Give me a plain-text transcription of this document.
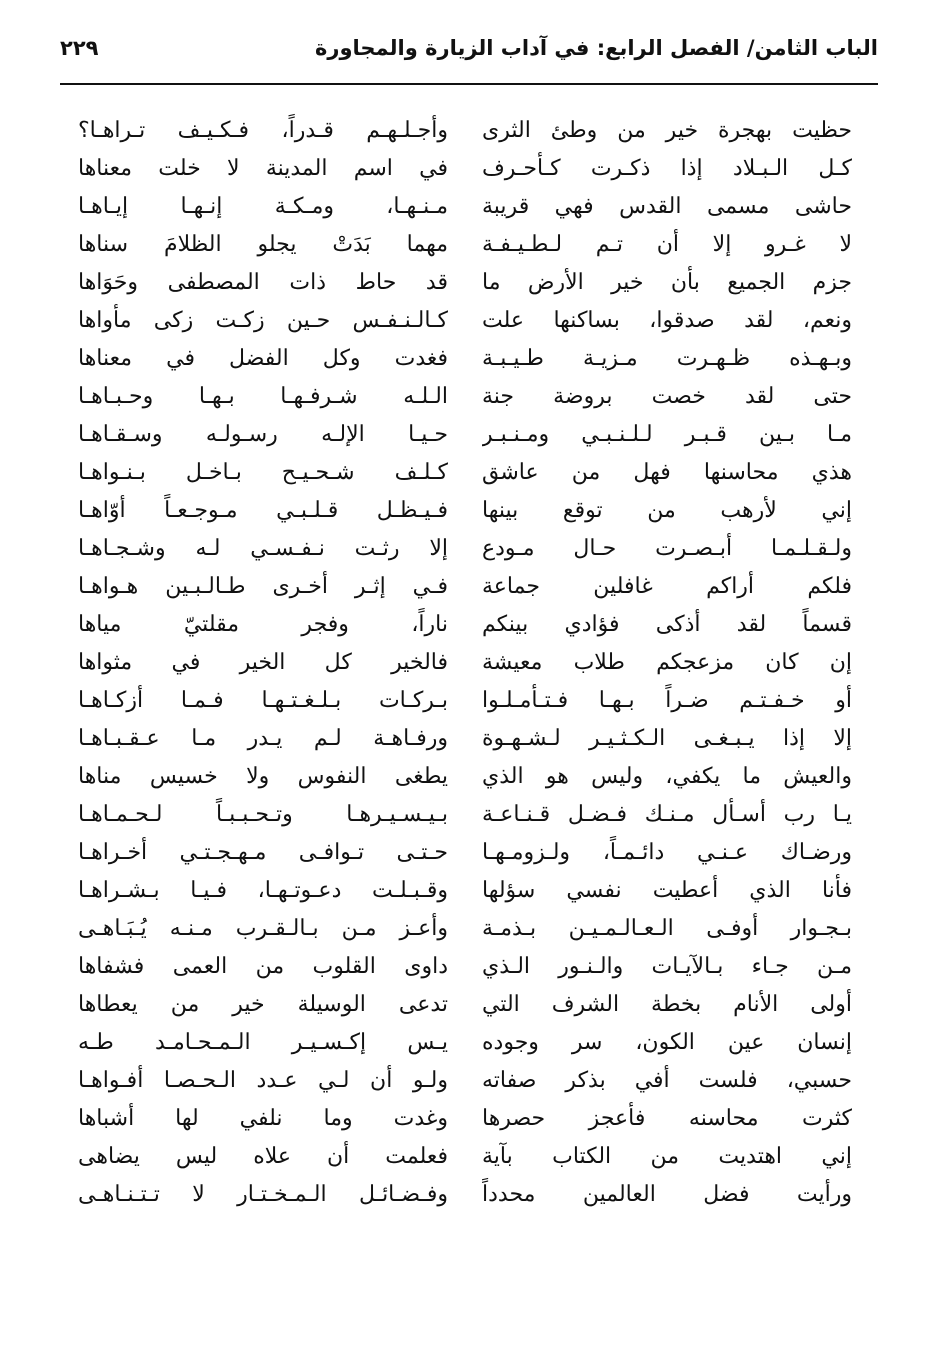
الباب الثامن/ الفصل الرابع: في آداب الزيارة والمجاورة
٢٢٩
حظيت بهجرة خير من وطئ الثرى
كـل الـبـلاد إذا ذكـرت كـأحـرف
حاشى مسمى القدس فهي قريبة
لا غـرو إلا أن تـم لـطـيـفـة
جزم الجميع بأن خير الأرض ما
ونعم، لقد صدقوا، بساكنها علت
وبـهـذه ظـهـرت مـزيـة طـيـبـة
حتى لقد خصت بروضة جنة
مـا بـين قـبـر لـلـنـبـي ومـنـبـر
هذي محاسنها فهل من عاشق
إني لأرهب من توقع بينها
ولـقـلـمـا أبـصـرت حـال مـودع
فلكم أراكم غافلين جماعة
قسماً لقد أذكى فؤادي بينكم
إن كان مزعجكم طلاب معيشة
أو خـفـتـم ضـراً بـهـا فـتـأمـلـوا
إلا إذا يـبـغـى الـكـثـيـر لـشـهـوة
والعيش ما يكفي، وليس هو الذي
يـا رب أسـأل مـنـك فـضـل قـنـاعـة
ورضـاك عـنـي دائـمـاً، ولـزومـهـا
فأنا الذي أعطيت نفسي سؤلها
بـجـوار أوفـى الـعـالـمـيـن بـذمـة
مـن جـاء بـالآيـات والـنـور الـذي
أولى الأنام بخطة الشرف التي
إنسان عين الكون، سر وجوده
حسبي، فلست أفي بذكر صفاته
كثرت محاسنه فأعجز حصرها
إني اهتديت من الكتاب بآية
ورأيت فضل العالمين محدداً
وأجـلـهـم قـدراً، فـكـيـف تـراهـا؟
في اسم المدينة لا خلت معناها
مـنـهـا، ومـكـة إنـهـا إيـاهـا
مهما بَدَتْ يجلو الظلامَ سناها
قد حاط ذات المصطفى وحَوَاها
كـالـنـفـس حـين زكـت زكى مأواها
فغدت وكل الفضل في معناها
الـلـه شـرفـهـا بـهـا وحـبـاهـا
حـيـا الإلـه رسـولـه وسـقـاهـا
كـلـف شـحـيـح بـاخـل بـنـواهـا
فـيـظـل قـلـبـي مـوجـعـاً أوّاهـا
إلا رثـت نـفـسـي لـه وشـجـاهـا
فـي إثـر أخـرى طـالـبـين هـواهـا
ناراً، وفجر مقلتيّ مياها
فالخير كل الخير في مثواها
بـركـات بـلـغـتـهـا فـمـا أزكـاهـا
ورفـاهـة لـم يـدر مـا عـقـبـاهـا
يطغى النفوس ولا خسيس مناها
بـيـسـيـرهـا وتـحـبـبـاً لـحـمـاهـا
حـتـى تـوافـى مـهـجـتـي أخـراهـا
وقـبـلـت دعـوتـهـا، فـيـا بـشـراهـا
وأعـز مـن بـالـقـرب مـنـه يُـبَـاهـى
داوى القلوب من العمى فشفاها
تدعى الوسيلة خير من يعطاها
يـس إكـسـيـر الـمـحـامـد طـه
ولـو أن لـي عـدد الـحـصـا أفـواهـا
وغدت وما نلفي لها أشباها
فعلمت أن علاه ليس يضاهى
وفـضـائـل الـمـخـتـار لا تـتـنـاهـى
